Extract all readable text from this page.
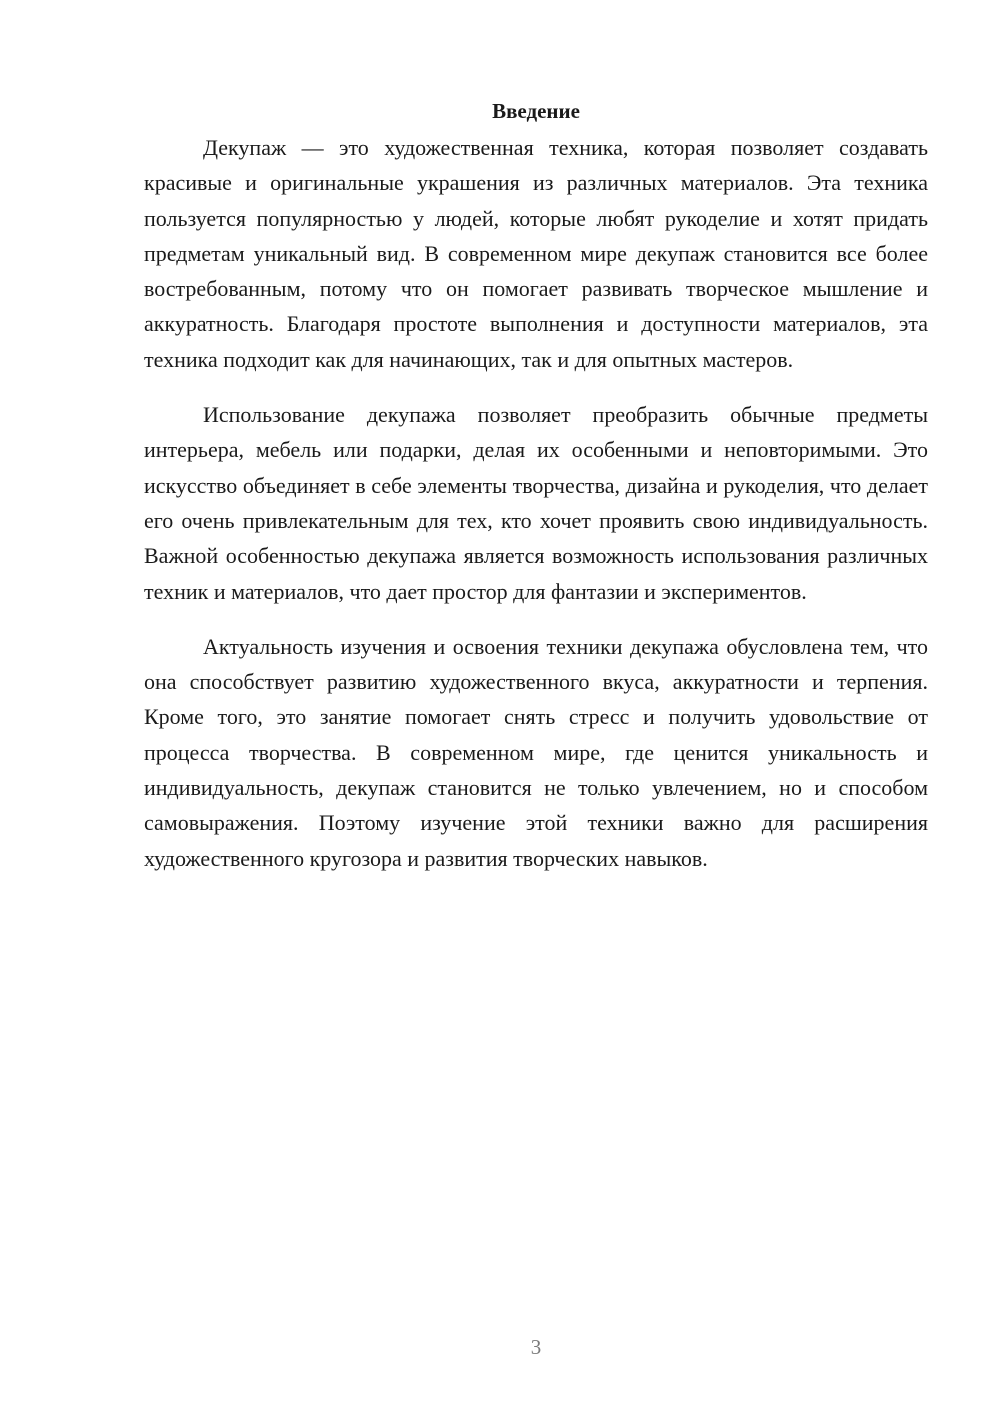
Введение

Декупаж — это художественная техника, которая позволяет создавать красивые и оригинальные украшения из различных материалов. Эта техника пользуется популярностью у людей, которые любят рукоделие и хотят придать предметам уникальный вид. В современном мире декупаж становится все более востребованным, потому что он помогает развивать творческое мышление и аккуратность. Благодаря простоте выполнения и доступности материалов, эта техника подходит как для начинающих, так и для опытных мастеров.

Использование декупажа позволяет преобразить обычные предметы интерьера, мебель или подарки, делая их особенными и неповторимыми. Это искусство объединяет в себе элементы творчества, дизайна и рукоделия, что делает его очень привлекательным для тех, кто хочет проявить свою индивидуальность. Важной особенностью декупажа является возможность использования различных техник и материалов, что дает простор для фантазии и экспериментов.

Актуальность изучения и освоения техники декупажа обусловлена тем, что она способствует развитию художественного вкуса, аккуратности и терпения. Кроме того, это занятие помогает снять стресс и получить удовольствие от процесса творчества. В современном мире, где ценится уникальность и индивидуальность, декупаж становится не только увлечением, но и способом самовыражения. Поэтому изучение этой техники важно для расширения художественного кругозора и развития творческих навыков.

3
